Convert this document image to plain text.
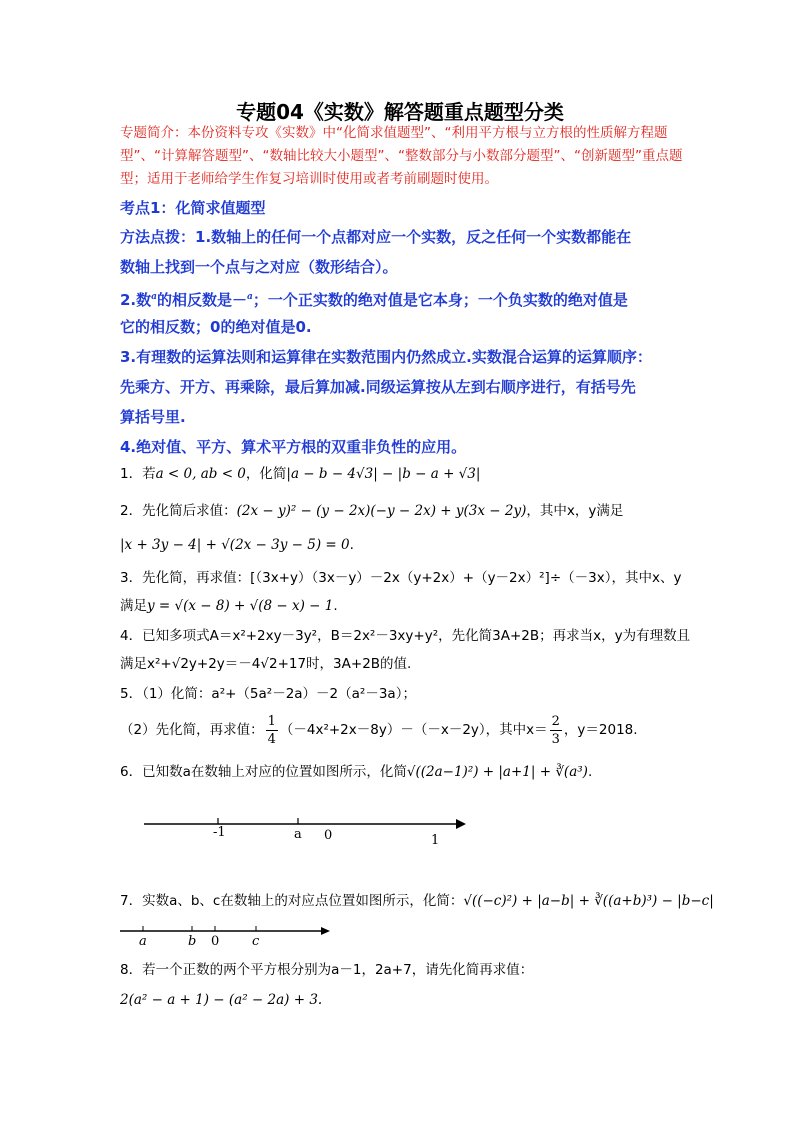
专题04《实数》解答题重点题型分类
专题简介：本份资料专攻《实数》中“化简求值题型”、“利用平方根与立方根的性质解方程题型”、“计算解答题型”、“数轴比较大小题型”、“整数部分与小数部分题型”、“创新题型”重点题型；适用于老师给学生作复习培训时使用或者考前刷题时使用。
考点1：化简求值题型
方法点拨：1.数轴上的任何一个点都对应一个实数，反之任何一个实数都能在
数轴上找到一个点与之对应（数形结合）。
2.数$^a$的相反数是－$^a$；一个正实数的绝对值是它本身；一个负实数的绝对值是
它的相反数；0的绝对值是0.
3.有理数的运算法则和运算律在实数范围内仍然成立.实数混合运算的运算顺序：
先乘方、开方、再乘除，最后算加减.同级运算按从左到右顺序进行，有括号先
算括号里.
4.绝对值、平方、算术平方根的双重非负性的应用。
1．若a < 0, ab < 0，化简|a − b − 4√3| − |b − a + √3|
2．先化简后求值：(2x − y)² − (y − 2x)(−y − 2x) + y(3x − 2y)，其中x，y满足
|x + 3y − 4| + √(2x − 3y − 5) = 0.
3．先化简，再求值：[（3x+y）（3x－y）－2x（y+2x）+（y－2x）²]÷（－3x），其中x、y
满足y = √(x − 8) + √(8 − x) − 1.
4．已知多项式A＝x²+2xy－3y²，B＝2x²－3xy+y²，先化简3A+2B；再求当x，y为有理数且
满足x²+√2y+2y＝－4√2+17时，3A+2B的值.
5．（1）化简：a²+（5a²－2a）－2（a²－3a）；
（2）先化简，再求值： $\frac{1}{4} (-4x^2+2x-8y)-(-x-2y)$，其中$x= \frac{2}{3}$ ，y＝2018.
6．已知数a在数轴上对应的位置如图所示，化简√((2a−1)²) + |a+1| + ∛(a³).
-1	a 0	1
7．实数a、b、c在数轴上的对应点位置如图所示，化简：√((−c)²) + |a−b| + ∛((a+b)³) − |b−c|
a	b 0	c
8．若一个正数的两个平方根分别为a－1，2a+7，请先化简再求值：
2(a² − a + 1) − (a² − 2a) + 3.
